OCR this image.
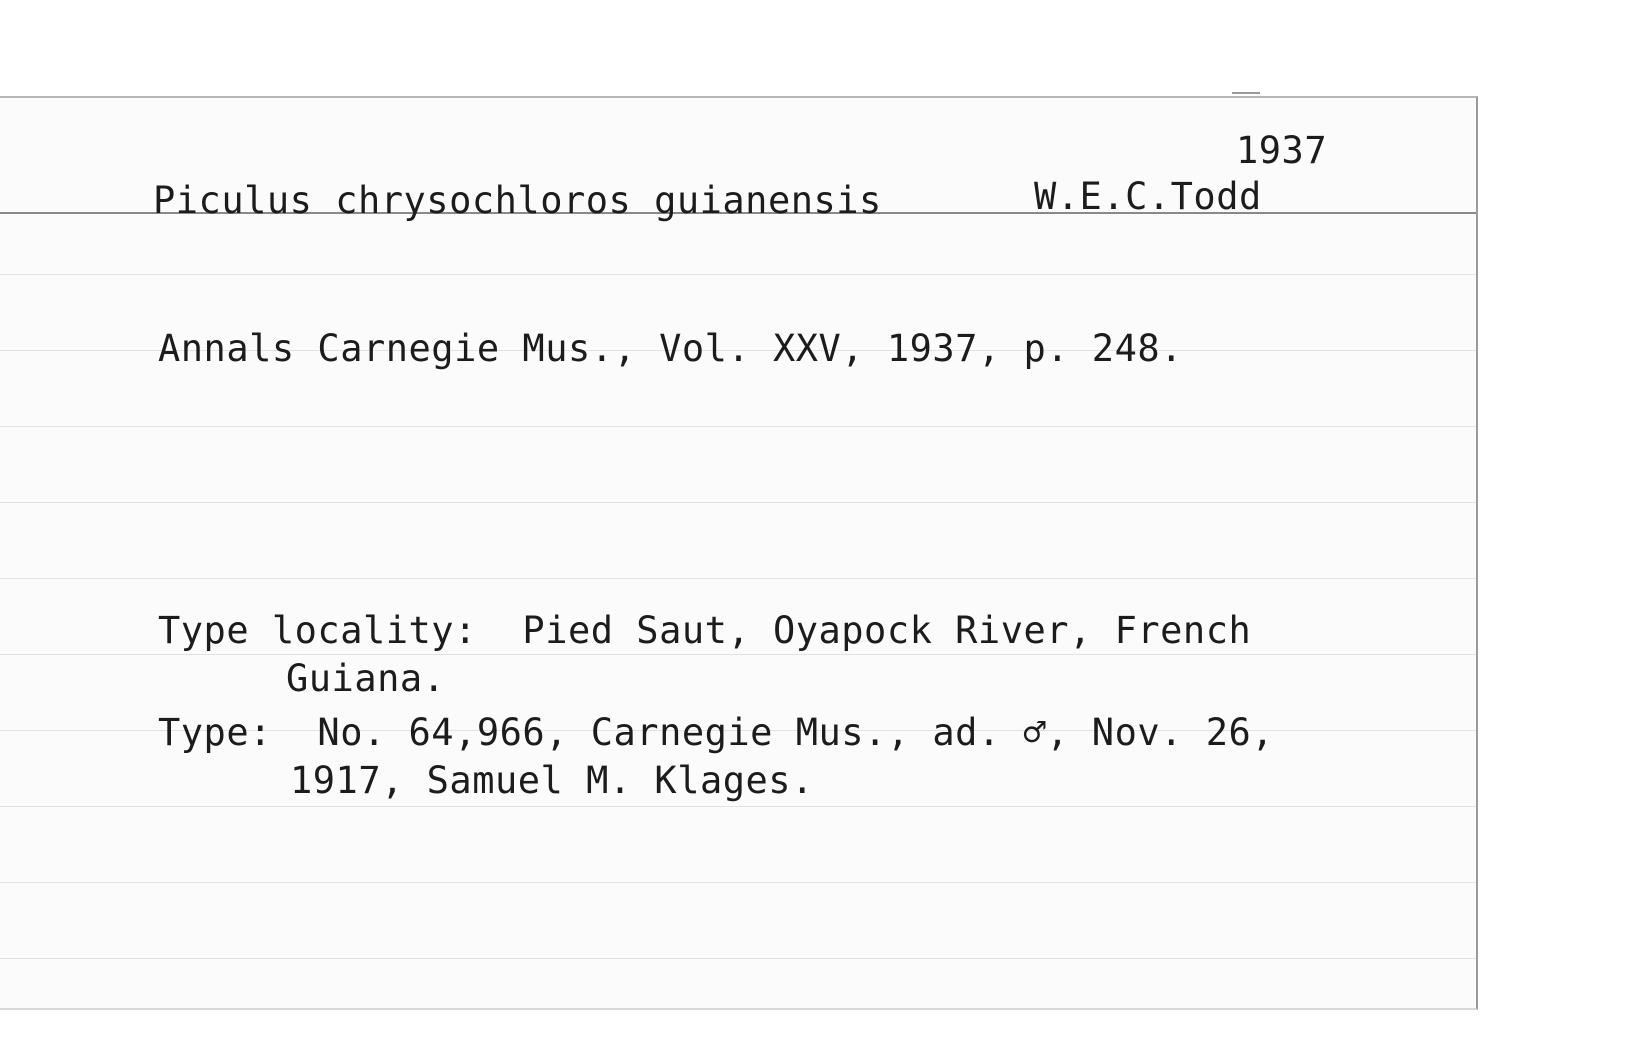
1937
Piculus chrysochloros guianensis	W.E.C.Todd
Annals Carnegie Mus., Vol. XXV, 1937, p. 248.
Type locality:  Pied Saut, Oyapock River, French
Guiana.
Type:  No. 64,966, Carnegie Mus., ad. ♂, Nov. 26,
1917, Samuel M. Klages.
